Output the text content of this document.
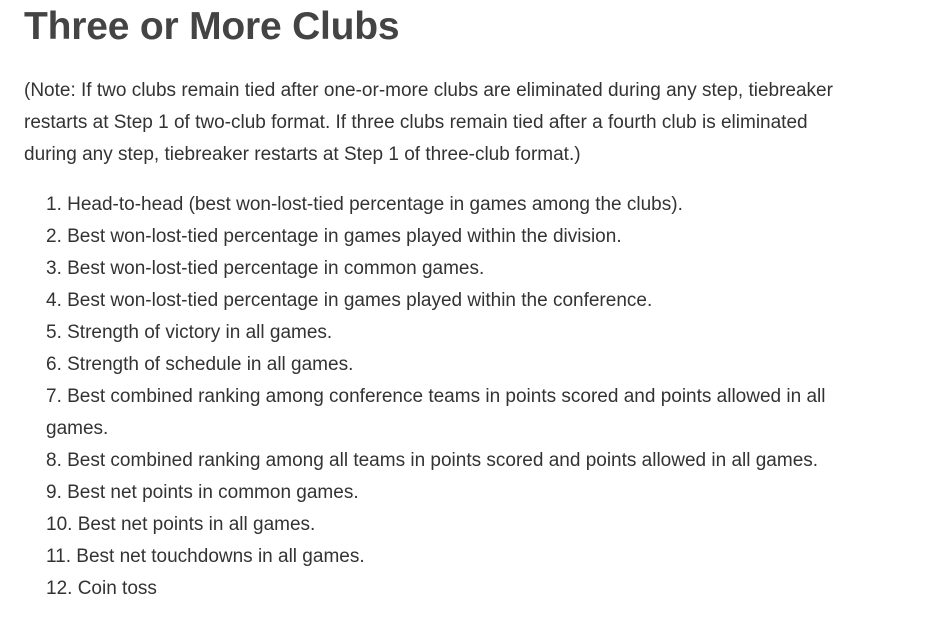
Three or More Clubs

(Note: If two clubs remain tied after one-or-more clubs are eliminated during any step, tiebreaker restarts at Step 1 of two-club format. If three clubs remain tied after a fourth club is eliminated during any step, tiebreaker restarts at Step 1 of three-club format.)

1. Head-to-head (best won-lost-tied percentage in games among the clubs).
2. Best won-lost-tied percentage in games played within the division.
3. Best won-lost-tied percentage in common games.
4. Best won-lost-tied percentage in games played within the conference.
5. Strength of victory in all games.
6. Strength of schedule in all games.
7. Best combined ranking among conference teams in points scored and points allowed in all games.
8. Best combined ranking among all teams in points scored and points allowed in all games.
9. Best net points in common games.
10. Best net points in all games.
11. Best net touchdowns in all games.
12. Coin toss
